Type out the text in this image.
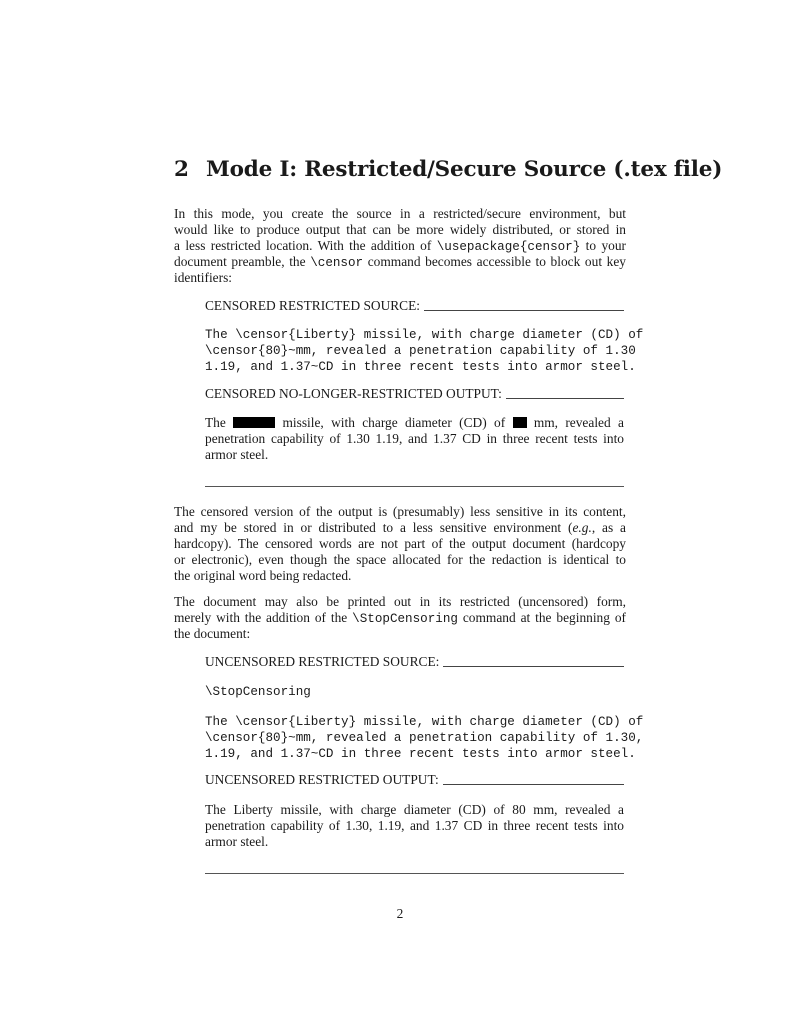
2 Mode I: Restricted/Secure Source (.tex file)
In this mode, you create the source in a restricted/secure environment, but
would like to produce output that can be more widely distributed, or stored in
a less restricted location. With the addition of \usepackage{censor} to your
document preamble, the \censor command becomes accessible to block out key
identifiers:
CENSORED RESTRICTED SOURCE:
The \censor{Liberty} missile, with charge diameter (CD) of
\censor{80}~mm, revealed a penetration capability of 1.30
1.19, and 1.37~CD in three recent tests into armor steel.
CENSORED NO-LONGER-RESTRICTED OUTPUT:
The	missile, with charge diameter (CD) of mm, revealed a
penetration capability of 1.30 1.19, and 1.37 CD in three recent tests into
armor steel.
The censored version of the output is (presumably) less sensitive in its content,
and my be stored in or distributed to a less sensitive environment (e.g., as a
hardcopy). The censored words are not part of the output document (hardcopy
or electronic), even though the space allocated for the redaction is identical to
the original word being redacted.
The document may also be printed out in its restricted (uncensored) form,
merely with the addition of the \StopCensoring command at the beginning of
the document:
UNCENSORED RESTRICTED SOURCE:
\StopCensoring
The \censor{Liberty} missile, with charge diameter (CD) of
\censor{80}~mm, revealed a penetration capability of 1.30,
1.19, and 1.37~CD in three recent tests into armor steel.
UNCENSORED RESTRICTED OUTPUT:
The Liberty missile, with charge diameter (CD) of 80 mm, revealed a
penetration capability of 1.30, 1.19, and 1.37 CD in three recent tests into
armor steel.
2
